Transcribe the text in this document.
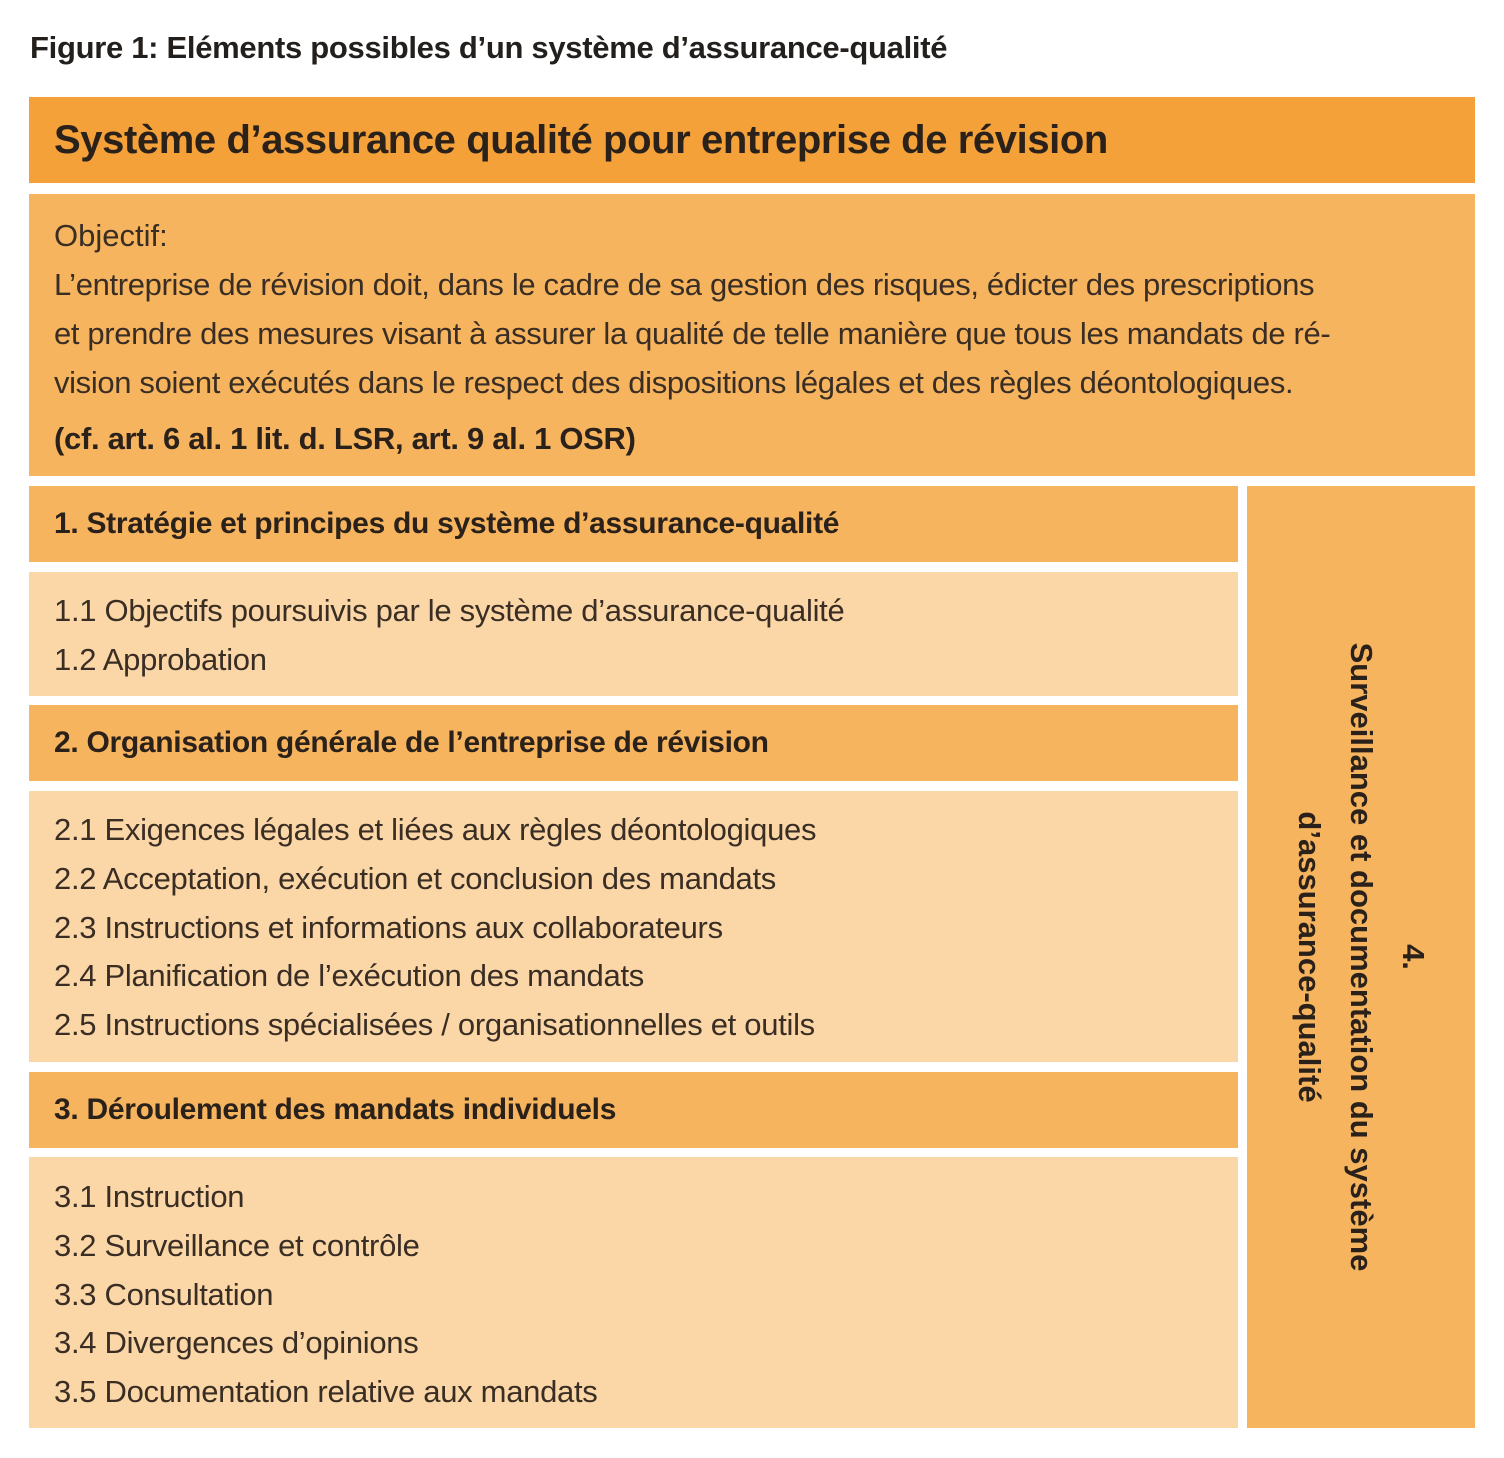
Figure 1: Eléments possibles d’un système d’assurance-qualité
Système d’assurance qualité pour entreprise de révision
Objectif:
L’entreprise de révision doit, dans le cadre de sa gestion des risques, édicter des prescriptions
et prendre des mesures visant à assurer la qualité de telle manière que tous les mandats de ré-
vision soient exécutés dans le respect des dispositions légales et des règles déontologiques.
(cf. art. 6 al. 1 lit. d. LSR, art. 9 al. 1 OSR)
1. Stratégie et principes du système d’assurance-qualité
1.1 Objectifs poursuivis par le système d’assurance-qualité
1.2 Approbation
2. Organisation générale de l’entreprise de révision
2.1 Exigences légales et liées aux règles déontologiques
2.2 Acceptation, exécution et conclusion des mandats
2.3 Instructions et informations aux collaborateurs
2.4 Planification de l’exécution des mandats
2.5 Instructions spécialisées / organisationnelles et outils
3. Déroulement des mandats individuels
3.1 Instruction
3.2 Surveillance et contrôle
3.3 Consultation
3.4 Divergences d’opinions
3.5 Documentation relative aux mandats
4.
Surveillance et documentation du système
d’assurance-qualité
